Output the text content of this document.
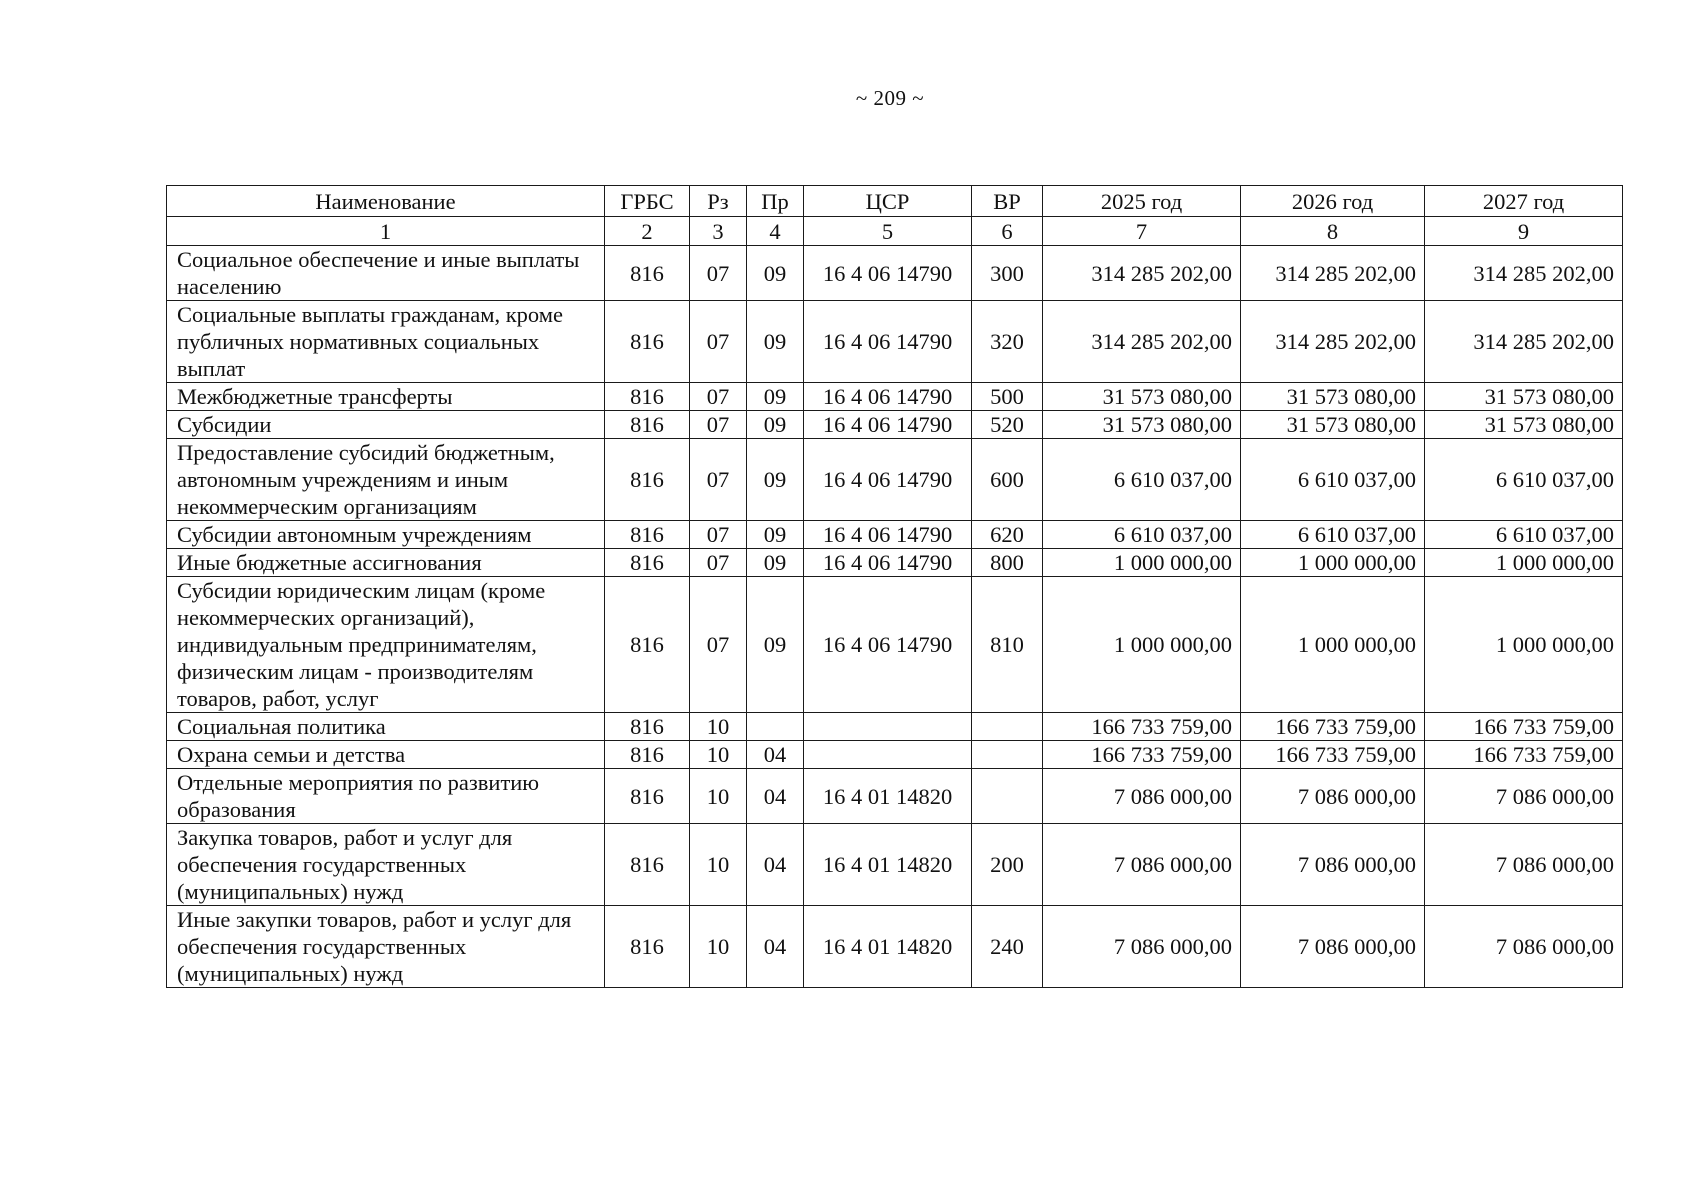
~ 209 ~
Наименование	ГРБС	Рз	Пр	ЦСР	ВР	2025 год	2026 год	2027 год
1	2	3	4	5	6	7	8	9
Социальное обеспечение и иные выплаты населению	816	07	09	16 4 06 14790	300	314 285 202,00	314 285 202,00	314 285 202,00
Социальные выплаты гражданам, кроме публичных нормативных социальных выплат	816	07	09	16 4 06 14790	320	314 285 202,00	314 285 202,00	314 285 202,00
Межбюджетные трансферты	816	07	09	16 4 06 14790	500	31 573 080,00	31 573 080,00	31 573 080,00
Субсидии	816	07	09	16 4 06 14790	520	31 573 080,00	31 573 080,00	31 573 080,00
Предоставление субсидий бюджетным, автономным учреждениям и иным некоммерческим организациям	816	07	09	16 4 06 14790	600	6 610 037,00	6 610 037,00	6 610 037,00
Субсидии автономным учреждениям	816	07	09	16 4 06 14790	620	6 610 037,00	6 610 037,00	6 610 037,00
Иные бюджетные ассигнования	816	07	09	16 4 06 14790	800	1 000 000,00	1 000 000,00	1 000 000,00
Субсидии юридическим лицам (кроме некоммерческих организаций), индивидуальным предпринимателям, физическим лицам - производителям товаров, работ, услуг	816	07	09	16 4 06 14790	810	1 000 000,00	1 000 000,00	1 000 000,00
Социальная политика	816	10				166 733 759,00	166 733 759,00	166 733 759,00
Охрана семьи и детства	816	10	04			166 733 759,00	166 733 759,00	166 733 759,00
Отдельные мероприятия по развитию образования	816	10	04	16 4 01 14820		7 086 000,00	7 086 000,00	7 086 000,00
Закупка товаров, работ и услуг для обеспечения государственных (муниципальных) нужд	816	10	04	16 4 01 14820	200	7 086 000,00	7 086 000,00	7 086 000,00
Иные закупки товаров, работ и услуг для обеспечения государственных (муниципальных) нужд	816	10	04	16 4 01 14820	240	7 086 000,00	7 086 000,00	7 086 000,00
